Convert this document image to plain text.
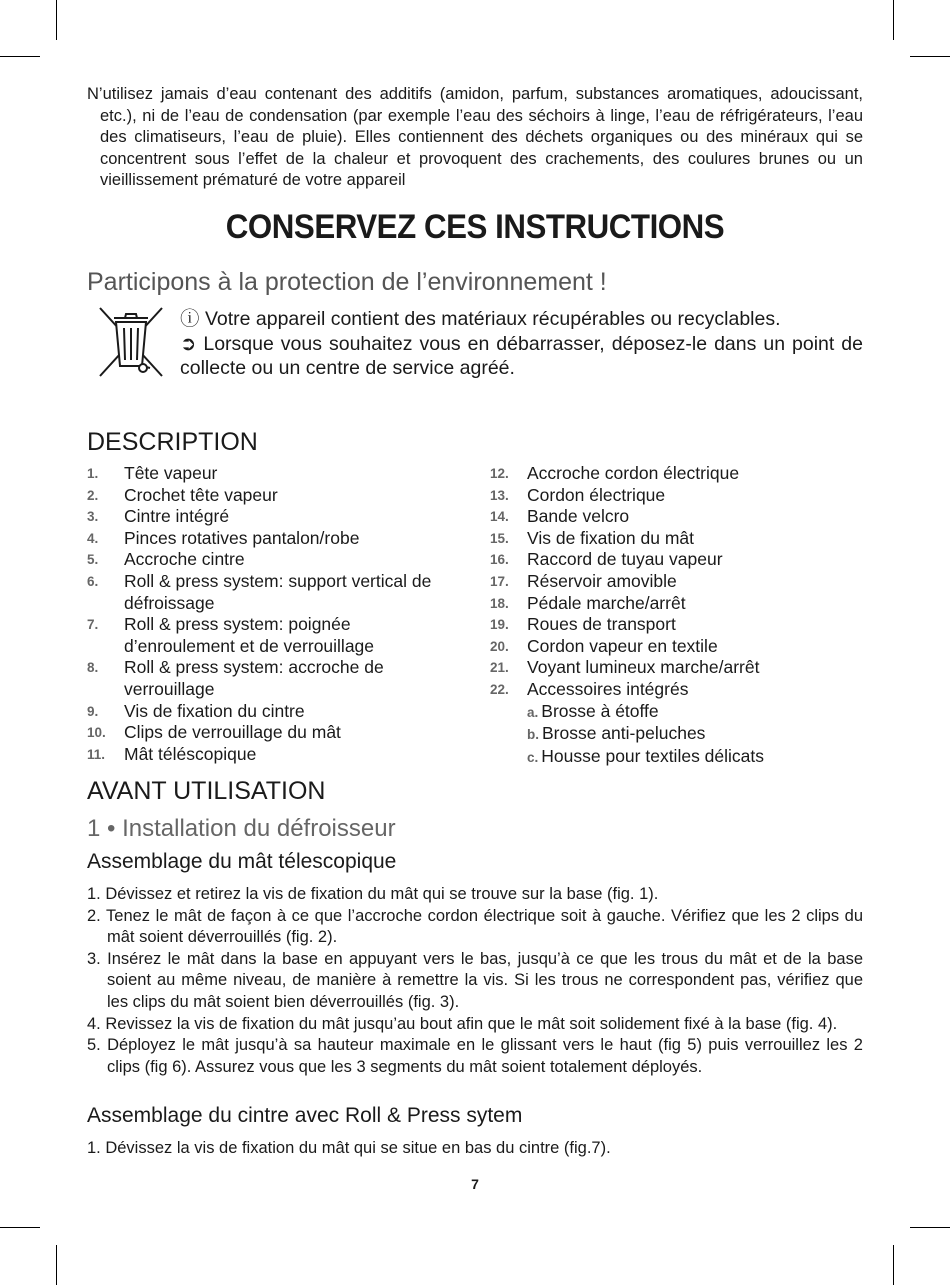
N’utilisez jamais d’eau contenant des additifs (amidon, parfum, substances aromatiques, adoucissant, etc.), ni de l’eau de condensation (par exemple l’eau des séchoirs à linge, l’eau de réfrigérateurs, l’eau des climatiseurs, l’eau de pluie). Elles contiennent des déchets organiques ou des minéraux qui se concentrent sous l’effet de la chaleur et provoquent des crachements, des coulures brunes ou un vieillissement prématuré de votre appareil
CONSERVEZ CES INSTRUCTIONS
Participons à la protection de l’environnement !
ⓘ Votre appareil contient des matériaux récupérables ou recyclables.
➲ Lorsque vous souhaitez vous en débarrasser, déposez-le dans un point de collecte ou un centre de service agréé.
DESCRIPTION
1. Tête vapeur
2. Crochet tête vapeur
3. Cintre intégré
4. Pinces rotatives pantalon/robe
5. Accroche cintre
6. Roll & press system: support vertical de défroissage
7. Roll & press system: poignée d’enroulement et de verrouillage
8. Roll & press system: accroche de verrouillage
9. Vis de fixation du cintre
10. Clips de verrouillage du mât
11. Mât téléscopique
12. Accroche cordon électrique
13. Cordon électrique
14. Bande velcro
15. Vis de fixation du mât
16. Raccord de tuyau vapeur
17. Réservoir amovible
18. Pédale marche/arrêt
19. Roues de transport
20. Cordon vapeur en textile
21. Voyant lumineux marche/arrêt
22. Accessoires intégrés
a. Brosse à étoffe
b. Brosse anti-peluches
c. Housse pour textiles délicats
AVANT UTILISATION
1 • Installation du défroisseur
Assemblage du mât télescopique
1. Dévissez et retirez la vis de fixation du mât qui se trouve sur la base (fig. 1).
2. Tenez le mât de façon à ce que l’accroche cordon électrique soit à gauche. Vérifiez que les 2 clips du mât soient déverrouillés (fig. 2).
3. Insérez le mât dans la base en appuyant vers le bas, jusqu’à ce que les trous du mât et de la base soient au même niveau, de manière à remettre la vis. Si les trous ne correspondent pas, vérifiez que les clips du mât soient bien déverrouillés (fig. 3).
4. Revissez la vis de fixation du mât jusqu’au bout afin que le mât soit solidement fixé à la base (fig. 4).
5. Déployez le mât jusqu’à sa hauteur maximale en le glissant vers le haut (fig 5) puis verrouillez les 2 clips (fig 6). Assurez vous que les 3 segments du mât soient totalement déployés.
Assemblage du cintre avec Roll & Press sytem
1. Dévissez la vis de fixation du mât qui se situe en bas du cintre (fig.7).
7
